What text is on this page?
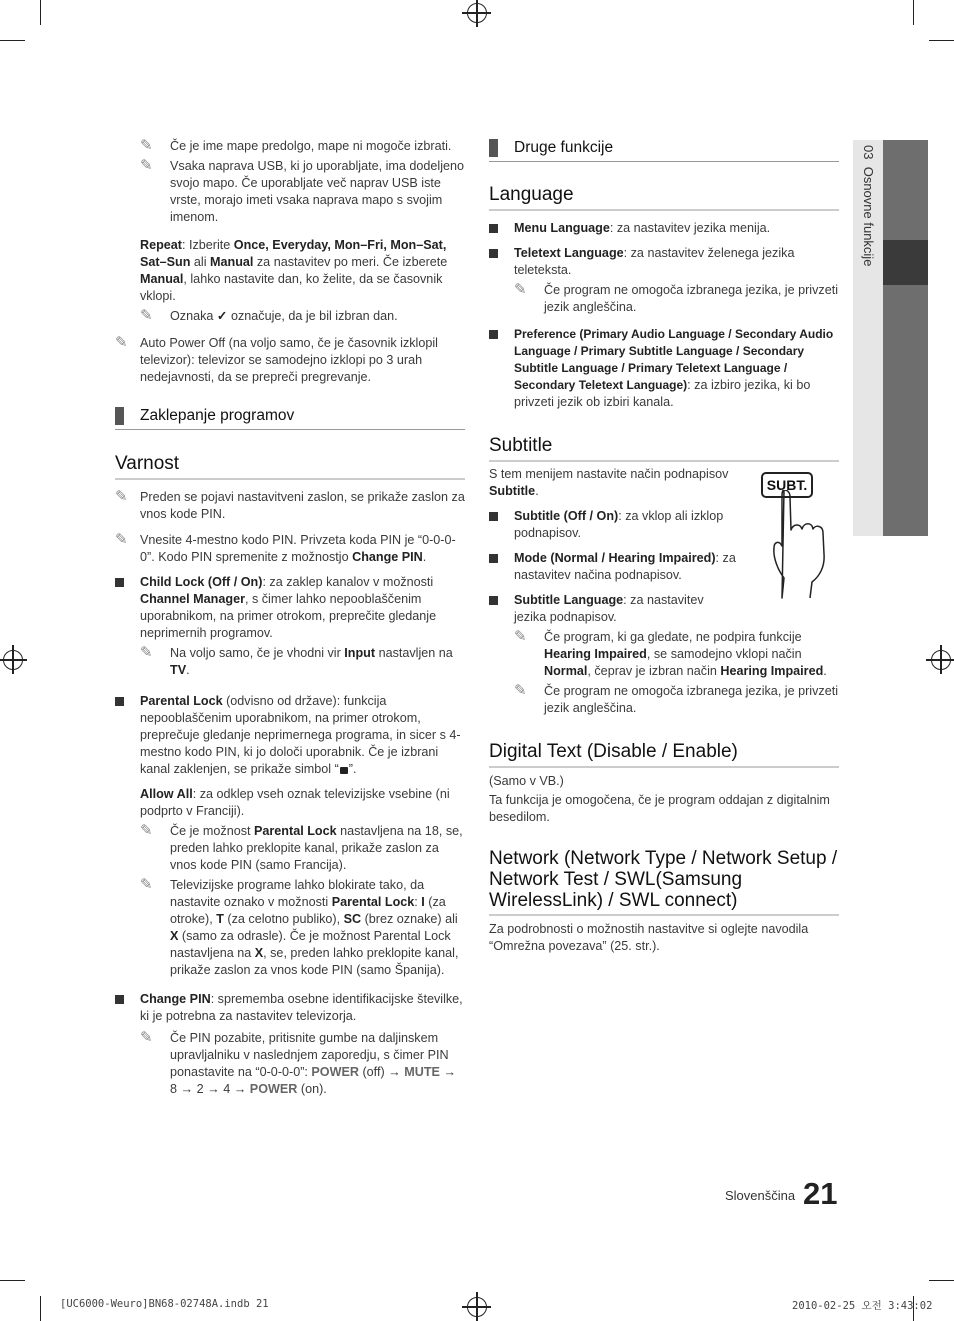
03  Osnovne funkcije
✎	Če je ime mape predolgo, mape ni mogoče izbrati.
✎	Vsaka naprava USB, ki jo uporabljate, ima dodeljeno svojo mapo. Če uporabljate več naprav USB iste vrste, morajo imeti vsaka naprava mapo s svojim imenom.
Repeat: Izberite Once, Everyday, Mon–Fri, Mon–Sat, Sat–Sun ali Manual za nastavitev po meri. Če izberete Manual, lahko nastavite dan, ko želite, da se časovnik vklopi.
✎	Oznaka ✓ označuje, da je bil izbran dan.
✎ Auto Power Off (na voljo samo, če je časovnik izklopil televizor): televizor se samodejno izklopi po 3 urah nedejavnosti, da se prepreči pregrevanje.
Zaklepanje programov
Varnost
✎ Preden se pojavi nastavitveni zaslon, se prikaže zaslon za vnos kode PIN.
✎ Vnesite 4-mestno kodo PIN. Privzeta koda PIN je “0-0-0-0”. Kodo PIN spremenite z možnostjo Change PIN.
Child Lock (Off / On): za zaklep kanalov v možnosti Channel Manager, s čimer lahko nepooblaščenim uporabnikom, na primer otrokom, preprečite gledanje neprimernih programov.
✎	Na voljo samo, če je vhodni vir Input nastavljen na TV.
Parental Lock (odvisno od države): funkcija nepooblaščenim uporabnikom, na primer otrokom, preprečuje gledanje neprimernega programa, in sicer s 4-mestno kodo PIN, ki jo določi uporabnik. Če je izbrani kanal zaklenjen, se prikaže simbol “ ”.
Allow All: za odklep vseh oznak televizijske vsebine (ni podprto v Franciji).
✎	Če je možnost Parental Lock nastavljena na 18, se, preden lahko preklopite kanal, prikaže zaslon za vnos kode PIN (samo Francija).
✎	Televizijske programe lahko blokirate tako, da nastavite oznako v možnosti Parental Lock: I (za otroke), T (za celotno publiko), SC (brez oznake) ali X (samo za odrasle). Če je možnost Parental Lock nastavljena na X, se, preden lahko preklopite kanal, prikaže zaslon za vnos kode PIN (samo Španija).
Change PIN: sprememba osebne identifikacijske številke, ki je potrebna za nastavitev televizorja.
✎	Če PIN pozabite, pritisnite gumbe na daljinskem upravljalniku v naslednjem zaporedju, s čimer PIN ponastavite na “0-0-0-0”: POWER (off) → MUTE → 8 → 2 → 4 → POWER (on).
Druge funkcije
Language
Menu Language: za nastavitev jezika menija.
Teletext Language: za nastavitev želenega jezika teleteksta.
✎	Če program ne omogoča izbranega jezika, je privzeti jezik angleščina.
Preference (Primary Audio Language / Secondary Audio Language / Primary Subtitle Language / Secondary Subtitle Language / Primary Teletext Language / Secondary Teletext Language): za izbiro jezika, ki bo privzeti jezik ob izbiri kanala.
Subtitle
S tem menijem nastavite način podnapisov Subtitle.
Subtitle (Off / On): za vklop ali izklop podnapisov.
Mode (Normal / Hearing Impaired): za nastavitev načina podnapisov.
Subtitle Language: za nastavitev jezika podnapisov.
✎	Če program, ki ga gledate, ne podpira funkcije Hearing Impaired, se samodejno vklopi način Normal, čeprav je izbran način Hearing Impaired.
✎	Če program ne omogoča izbranega jezika, je privzeti jezik angleščina.
Digital Text (Disable / Enable)
(Samo v VB.)
Ta funkcija je omogočena, če je program oddajan z digitalnim besedilom.
Network (Network Type / Network Setup / Network Test / SWL(Samsung WirelessLink) / SWL connect)
Za podrobnosti o možnostih nastavitve si oglejte navodila “Omrežna povezava” (25. str.).
SUBT.
Slovenščina 21
[UC6000-Weuro]BN68-02748A.indb 21	2010-02-25 오전 3:43:02
